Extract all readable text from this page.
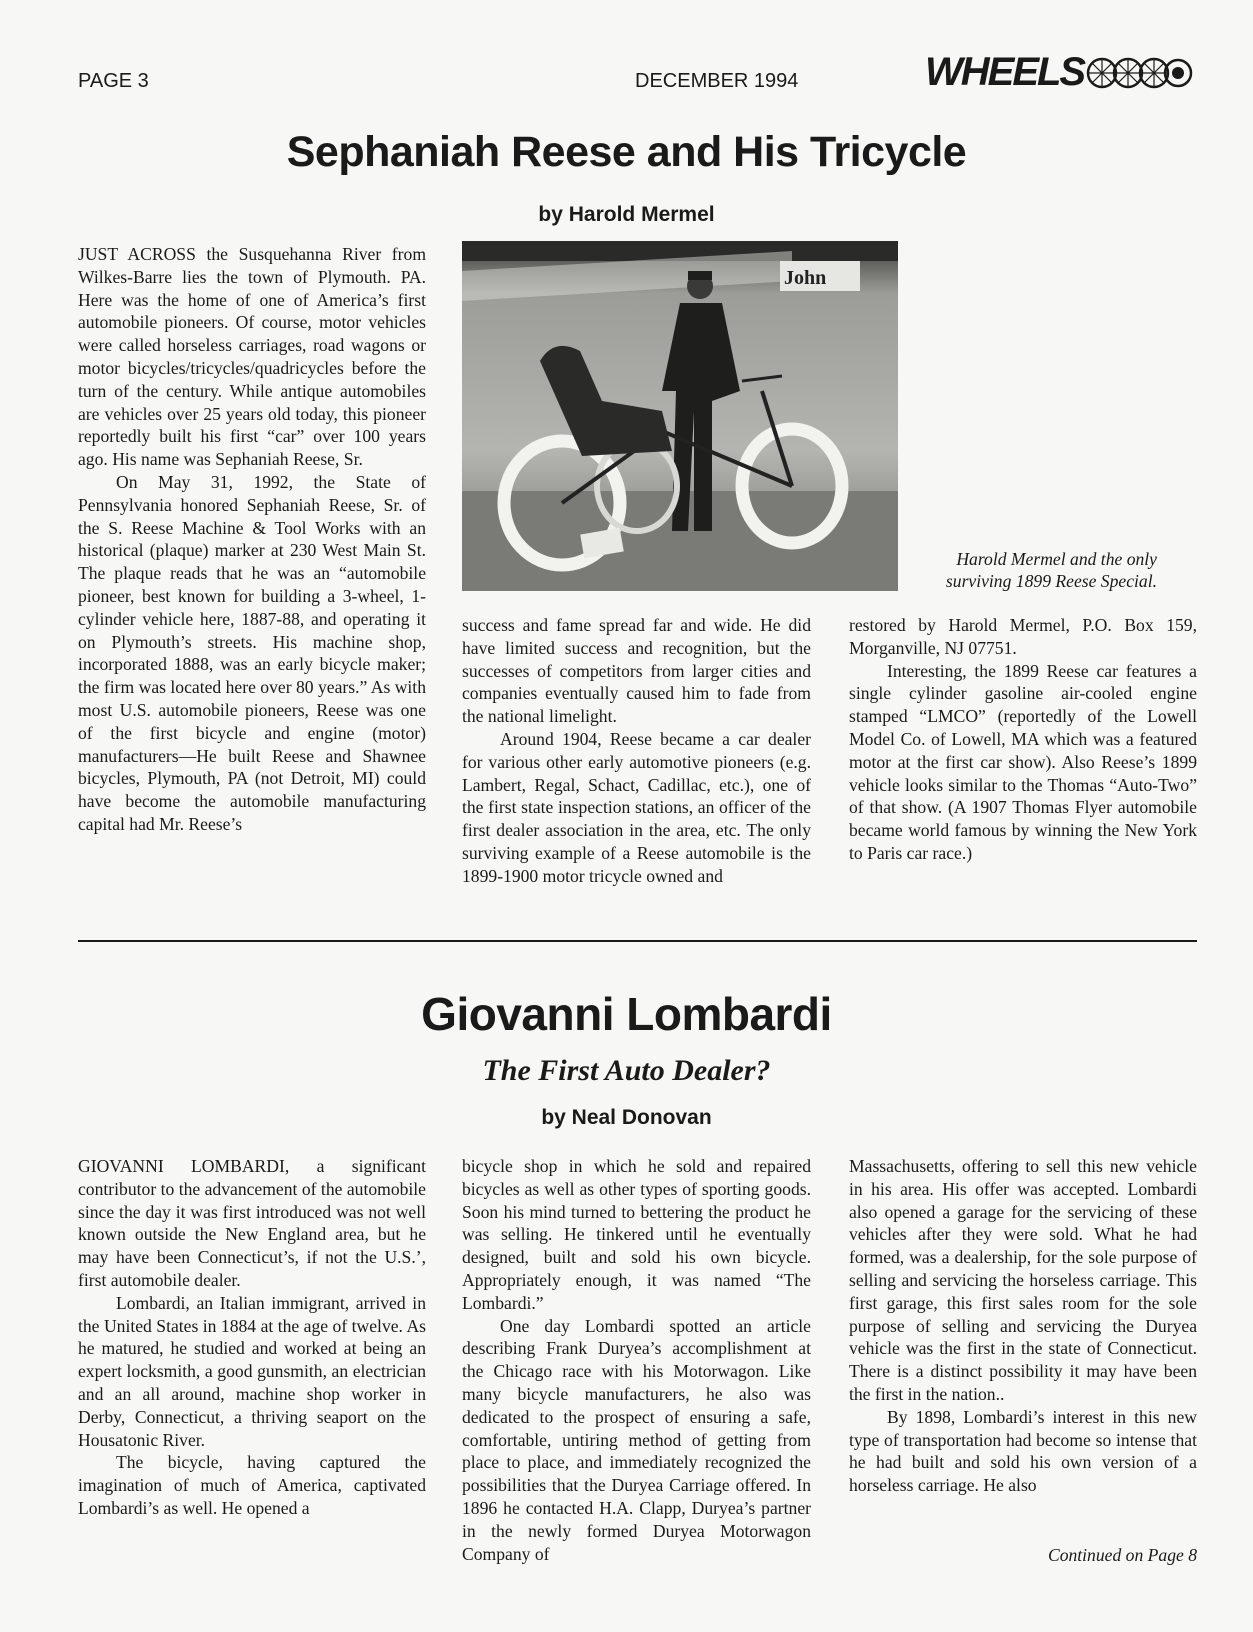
PAGE 3	DECEMBER 1994	WHEELS
Sephaniah Reese and His Tricycle
by Harold Mermel
John
Harold Mermel and the only
surviving 1899 Reese Special.

JUST ACROSS the Susquehanna River from Wilkes-Barre lies the town of Plymouth. PA. Here was the home of one of America’s first automobile pioneers. Of course, motor vehicles were called horseless carriages, road wagons or motor bicycles/tricycles/quadricycles before the turn of the century. While antique automobiles are vehicles over 25 years old today, this pioneer reportedly built his first “car” over 100 years ago. His name was Sephaniah Reese, Sr.

On May 31, 1992, the State of Pennsylvania honored Sephaniah Reese, Sr. of the S. Reese Machine & Tool Works with an historical (plaque) marker at 230 West Main St. The plaque reads that he was an “automobile pioneer, best known for building a 3-wheel, 1-cylinder vehicle here, 1887-88, and operating it on Plymouth’s streets. His machine shop, incorporated 1888, was an early bicycle maker; the firm was located here over 80 years.” As with most U.S. automobile pioneers, Reese was one of the first bicycle and engine (motor) manufacturers—He built Reese and Shawnee bicycles, Plymouth, PA (not Detroit, MI) could have become the automobile manufacturing capital had Mr. Reese’s

success and fame spread far and wide. He did have limited success and recognition, but the successes of competitors from larger cities and companies eventually caused him to fade from the national limelight.

Around 1904, Reese became a car dealer for various other early automotive pioneers (e.g. Lambert, Regal, Schact, Cadillac, etc.), one of the first state inspection stations, an officer of the first dealer association in the area, etc. The only surviving example of a Reese automobile is the 1899-1900 motor tricycle owned and

restored by Harold Mermel, P.O. Box 159, Morganville, NJ 07751.

Interesting, the 1899 Reese car features a single cylinder gasoline air-cooled engine stamped “LMCO” (reportedly of the Lowell Model Co. of Lowell, MA which was a featured motor at the first car show). Also Reese’s 1899 vehicle looks similar to the Thomas “Auto-Two” of that show. (A 1907 Thomas Flyer automobile became world famous by winning the New York to Paris car race.)

Giovanni Lombardi
The First Auto Dealer?
by Neal Donovan

GIOVANNI LOMBARDI, a significant contributor to the advancement of the automobile since the day it was first introduced was not well known outside the New England area, but he may have been Connecticut’s, if not the U.S.’, first automobile dealer.

Lombardi, an Italian immigrant, arrived in the United States in 1884 at the age of twelve. As he matured, he studied and worked at being an expert locksmith, a good gunsmith, an electrician and an all around, machine shop worker in Derby, Connecticut, a thriving seaport on the Housatonic River.

The bicycle, having captured the imagination of much of America, captivated Lombardi’s as well. He opened a

bicycle shop in which he sold and repaired bicycles as well as other types of sporting goods. Soon his mind turned to bettering the product he was selling. He tinkered until he eventually designed, built and sold his own bicycle. Appropriately enough, it was named “The Lombardi.”

One day Lombardi spotted an article describing Frank Duryea’s accomplishment at the Chicago race with his Motorwagon. Like many bicycle manufacturers, he also was dedicated to the prospect of ensuring a safe, comfortable, untiring method of getting from place to place, and immediately recognized the possibilities that the Duryea Carriage offered. In 1896 he contacted H.A. Clapp, Duryea’s partner in the newly formed Duryea Motorwagon Company of

Massachusetts, offering to sell this new vehicle in his area. His offer was accepted. Lombardi also opened a garage for the servicing of these vehicles after they were sold. What he had formed, was a dealership, for the sole purpose of selling and servicing the horseless carriage. This first garage, this first sales room for the sole purpose of selling and servicing the Duryea vehicle was the first in the state of Connecticut. There is a distinct possibility it may have been the first in the nation..

By 1898, Lombardi’s interest in this new type of transportation had become so intense that he had built and sold his own version of a horseless carriage. He also

Continued on Page 8
